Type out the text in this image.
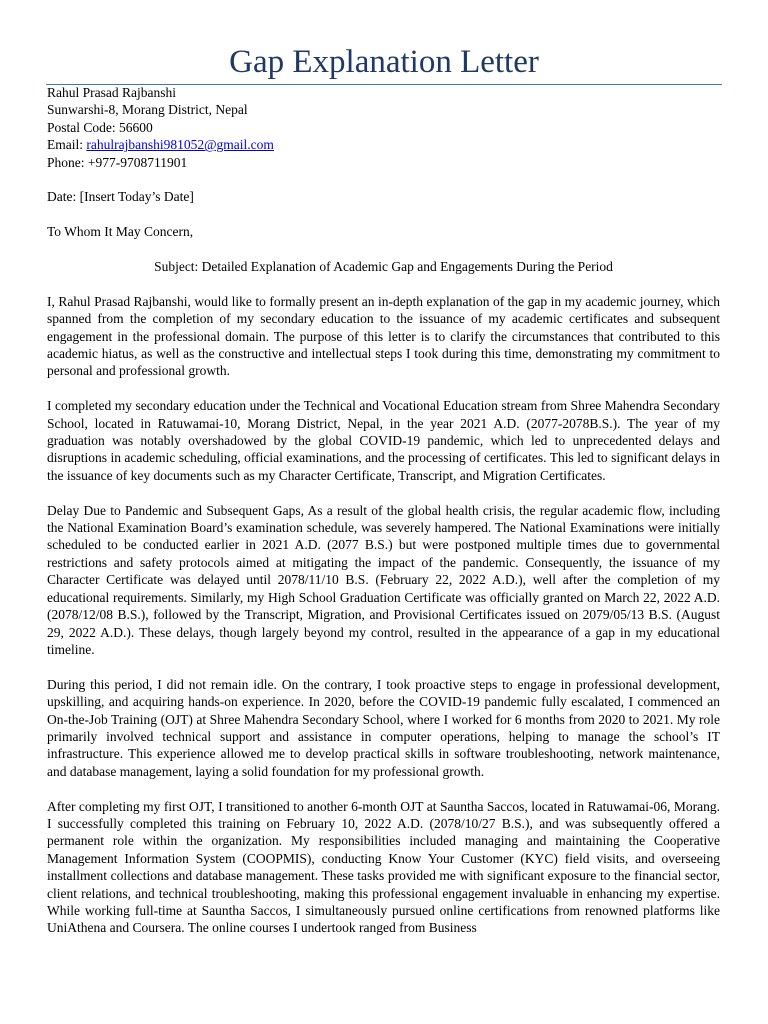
Gap Explanation Letter

Rahul Prasad Rajbanshi

Sunwarshi-8, Morang District, Nepal

Postal Code: 56600

Email: rahulrajbanshi981052@gmail.com

Phone: +977-9708711901

Date: [Insert Today’s Date]

To Whom It May Concern,

Subject: Detailed Explanation of Academic Gap and Engagements During the Period

I, Rahul Prasad Rajbanshi, would like to formally present an in-depth explanation of the gap in my academic journey, which spanned from the completion of my secondary education to the issuance of my academic certificates and subsequent engagement in the professional domain. The purpose of this letter is to clarify the circumstances that contributed to this academic hiatus, as well as the constructive and intellectual steps I took during this time, demonstrating my commitment to personal and professional growth.

I completed my secondary education under the Technical and Vocational Education stream from Shree Mahendra Secondary School, located in Ratuwamai-10, Morang District, Nepal, in the year 2021 A.D. (2077-2078B.S.). The year of my graduation was notably overshadowed by the global COVID-19 pandemic, which led to unprecedented delays and disruptions in academic scheduling, official examinations, and the processing of certificates. This led to significant delays in the issuance of key documents such as my Character Certificate, Transcript, and Migration Certificates.

Delay Due to Pandemic and Subsequent Gaps, As a result of the global health crisis, the regular academic flow, including the National Examination Board’s examination schedule, was severely hampered. The National Examinations were initially scheduled to be conducted earlier in 2021 A.D. (2077 B.S.) but were postponed multiple times due to governmental restrictions and safety protocols aimed at mitigating the impact of the pandemic. Consequently, the issuance of my Character Certificate was delayed until 2078/11/10 B.S. (February 22, 2022 A.D.), well after the completion of my educational requirements. Similarly, my High School Graduation Certificate was officially granted on March 22, 2022 A.D. (2078/12/08 B.S.), followed by the Transcript, Migration, and Provisional Certificates issued on 2079/05/13 B.S. (August 29, 2022 A.D.). These delays, though largely beyond my control, resulted in the appearance of a gap in my educational timeline.

During this period, I did not remain idle. On the contrary, I took proactive steps to engage in professional development, upskilling, and acquiring hands-on experience. In 2020, before the COVID-19 pandemic fully escalated, I commenced an On-the-Job Training (OJT) at Shree Mahendra Secondary School, where I worked for 6 months from 2020 to 2021. My role primarily involved technical support and assistance in computer operations, helping to manage the school’s IT infrastructure. This experience allowed me to develop practical skills in software troubleshooting, network maintenance, and database management, laying a solid foundation for my professional growth.

After completing my first OJT, I transitioned to another 6-month OJT at Sauntha Saccos, located in Ratuwamai-06, Morang. I successfully completed this training on February 10, 2022 A.D. (2078/10/27 B.S.), and was subsequently offered a permanent role within the organization. My responsibilities included managing and maintaining the Cooperative Management Information System (COOPMIS), conducting Know Your Customer (KYC) field visits, and overseeing installment collections and database management. These tasks provided me with significant exposure to the financial sector, client relations, and technical troubleshooting, making this professional engagement invaluable in enhancing my expertise. While working full-time at Sauntha Saccos, I simultaneously pursued online certifications from renowned platforms like UniAthena and Coursera. The online courses I undertook ranged from Business
